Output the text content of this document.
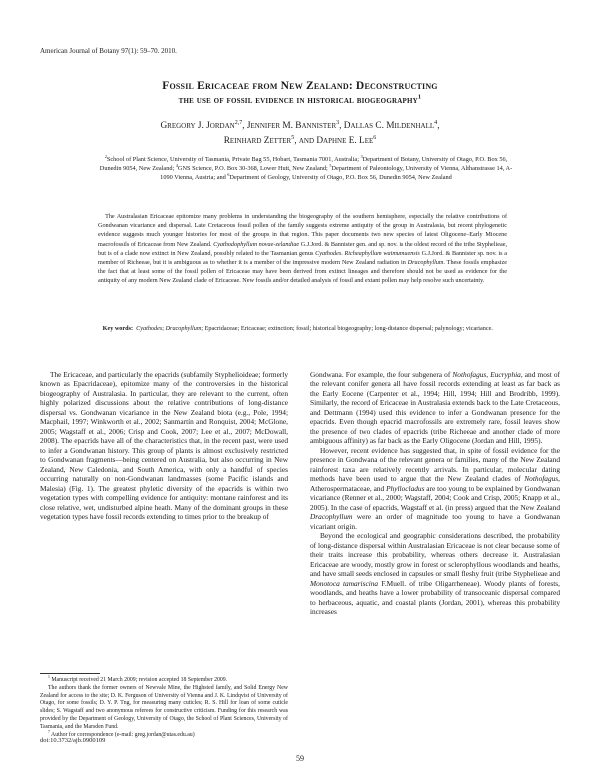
American Journal of Botany 97(1): 59–70. 2010.
Fossil Ericaceae from New Zealand: Deconstructing
the use of fossil evidence in historical biogeography$^1$
Gregory J. Jordan$^{2,7}$, Jennifer M. Bannister$^3$, Dallas C. Mildenhall$^4$,
Reinhard Zetter$^5$, and Daphne E. Lee$^6$
$^2$School of Plant Science, University of Tasmania, Private Bag 55, Hobart, Tasmania 7001, Australia; $^3$Department of Botany, University of Otago, P.O. Box 56, Dunedin 9054, New Zealand; $^4$GNS Science, P.O. Box 30-368, Lower Hutt, New Zealand; $^5$Department of Paleontology, University of Vienna, Althanstrasse 14, A-1090 Vienna, Austria; and $^6$Department of Geology, University of Otago, P.O. Box 56, Dunedin 9054, New Zealand
The Australasian Ericaceae epitomize many problems in understanding the biogeography of the southern hemisphere, especially the relative contributions of Gondwanan vicariance and dispersal. Late Cretaceous fossil pollen of the family suggests extreme antiquity of the group in Australasia, but recent phylogenetic evidence suggests much younger histories for most of the groups in that region. This paper documents two new species of latest Oligocene–Early Miocene macrofossils of Ericaceae from New Zealand. Cyathodophyllum novae-zelandiae G.J.Jord. & Bannister gen. and sp. nov. is the oldest record of the tribe Styphelieae, but is of a clade now extinct in New Zealand, possibly related to the Tasmanian genus Cyathodes. Richeaphyllum waimumuensis G.J.Jord. & Bannister sp. nov. is a member of Richeeae, but it is ambiguous as to whether it is a member of the impressive modern New Zealand radiation in Dracophyllum. These fossils emphasize the fact that at least some of the fossil pollen of Ericaceae may have been derived from extinct lineages and therefore should not be used as evidence for the antiquity of any modern New Zealand clade of Ericaceae. New fossils and/or detailed analysis of fossil and extant pollen may help resolve such uncertainty.
Key words: Cyathodes; Dracophyllum; Epacridaceae; Ericaceae; extinction; fossil; historical biogeography; long-distance dispersal; palynology; vicariance.

The Ericaceae, and particularly the epacrids (subfamily Styphelioideae; formerly known as Epacridaceae), epitomize many of the controversies in the historical biogeography of Australasia. In particular, they are relevant to the current, often highly polarized discussions about the relative contributions of long-distance dispersal vs. Gondwanan vicariance in the New Zealand biota (e.g., Pole, 1994; Macphail, 1997; Winkworth et al., 2002; Sanmartín and Ronquist, 2004; McGlone, 2005; Wagstaff et al., 2006; Crisp and Cook, 2007; Lee et al., 2007; McDowall, 2008). The epacrids have all of the characteristics that, in the recent past, were used to infer a Gondwanan history. This group of plants is almost exclusively restricted to Gondwanan fragments—being centered on Australia, but also occurring in New Zealand, New Caledonia, and South America, with only a handful of species occurring naturally on non-Gondwanan landmasses (some Pacific islands and Malesia) (Fig. 1). The greatest phyletic diversity of the epacrids is within two vegetation types with compelling evidence for antiquity: montane rainforest and its close relative, wet, undisturbed alpine heath. Many of the dominant groups in these vegetation types have fossil records extending to times prior to the breakup of

Gondwana. For example, the four subgenera of Nothofagus, Eucryphia, and most of the relevant conifer genera all have fossil records extending at least as far back as the Early Eocene (Carpenter et al., 1994; Hill, 1994; Hill and Brodribb, 1999). Similarly, the record of Ericaceae in Australasia extends back to the Late Cretaceous, and Dettmann (1994) used this evidence to infer a Gondwanan presence for the epacrids. Even though epacrid macrofossils are extremely rare, fossil leaves show the presence of two clades of epacrids (tribe Richeeae and another clade of more ambiguous affinity) as far back as the Early Oligocene (Jordan and Hill, 1995).

However, recent evidence has suggested that, in spite of fossil evidence for the presence in Gondwana of the relevant genera or families, many of the New Zealand rainforest taxa are relatively recently arrivals. In particular, molecular dating methods have been used to argue that the New Zealand clades of Nothofagus, Atherospermataceae, and Phyllocladus are too young to be explained by Gondwanan vicariance (Renner et al., 2000; Wagstaff, 2004; Cook and Crisp, 2005; Knapp et al., 2005). In the case of epacrids, Wagstaff et al. (in press) argued that the New Zealand Dracophyllum were an order of magnitude too young to have a Gondwanan vicariant origin.

Beyond the ecological and geographic considerations described, the probability of long-distance dispersal within Australasian Ericaceae is not clear because some of their traits increase this probability, whereas others decrease it. Australasian Ericaceae are woody, mostly grow in forest or sclerophyllous woodlands and heaths, and have small seeds enclosed in capsules or small fleshy fruit (tribe Styphelieae and Monotoca tamariscina F.Muell. of tribe Oligarrheneae). Woody plants of forests, woodlands, and heaths have a lower probability of transoceanic dispersal compared to herbaceous, aquatic, and coastal plants (Jordan, 2001), whereas this probability increases

$^1$ Manuscript received 21 March 2009; revision accepted 18 September 2009.

The authors thank the former owners of Newvale Mine, the Highsted family, and Solid Energy New Zealand for access to the site; D. K. Ferguson of University of Vienna and J. K. Lindqvist of University of Otago, for some fossils; D. Y. P. Tng, for measuring many cuticles; R. S. Hill for loan of some cuticle slides; S. Wagstaff and two anonymous referees for constructive criticism. Funding for this research was provided by the Department of Geology, University of Otago, the School of Plant Sciences, University of Tasmania, and the Marsden Fund.

$^7$ Author for correspondence (e-mail: greg.jordan@utas.edu.au)

doi:10.3732/ajb.0900109
59
